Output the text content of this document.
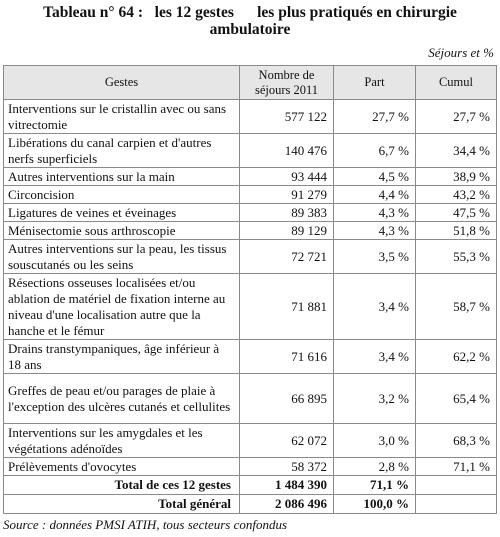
Tableau n° 64 :   les 12 gestes      les plus pratiqués en chirurgie
ambulatoire
Séjours et %
Gestes	Nombre de séjours 2011	Part	Cumul
Interventions sur le cristallin avec ou sans vitrectomie	577 122	27,7 %	27,7 %
Libérations du canal carpien et d'autres nerfs superficiels	140 476	6,7 %	34,4 %
Autres interventions sur la main	93 444	4,5 %	38,9 %
Circoncision	91 279	4,4 %	43,2 %
Ligatures de veines et éveinages	89 383	4,3 %	47,5 %
Ménisectomie sous arthroscopie	89 129	4,3 %	51,8 %
Autres interventions sur la peau, les tissus souscutanés ou les seins	72 721	3,5 %	55,3 %
Résections osseuses localisées et/ou ablation de matériel de fixation interne au niveau d'une localisation autre que la hanche et le fémur	71 881	3,4 %	58,7 %
Drains transtympaniques, âge inférieur à 18 ans	71 616	3,4 %	62,2 %
Greffes de peau et/ou parages de plaie à l'exception des ulcères cutanés et cellulites	66 895	3,2 %	65,4 %
Interventions sur les amygdales et les végétations adénoïdes	62 072	3,0 %	68,3 %
Prélèvements d'ovocytes	58 372	2,8 %	71,1 %
Total de ces 12 gestes	1 484 390	71,1 %	
Total général	2 086 496	100,0 %	
Source : données PMSI ATIH, tous secteurs confondus
